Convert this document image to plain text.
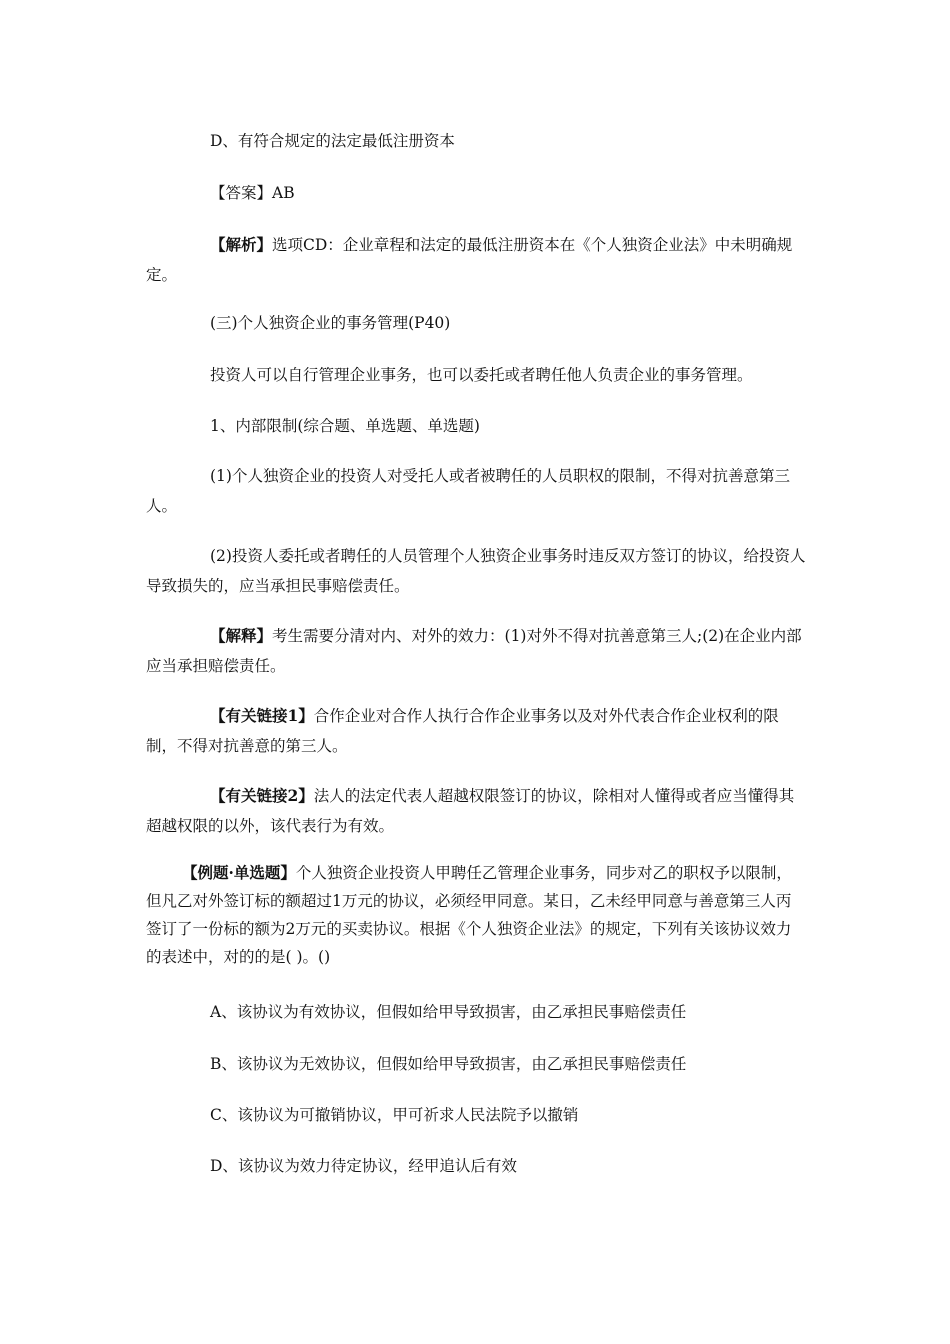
D、有符合规定的法定最低注册资本
【答案】AB
【解析】选项CD：企业章程和法定的最低注册资本在《个人独资企业法》中未明确规定。
(三)个人独资企业的事务管理(P40)
投资人可以自行管理企业事务，也可以委托或者聘任他人负责企业的事务管理。
1、内部限制(综合题、单选题、单选题)
(1)个人独资企业的投资人对受托人或者被聘任的人员职权的限制，不得对抗善意第三人。
(2)投资人委托或者聘任的人员管理个人独资企业事务时违反双方签订的协议，给投资人导致损失的，应当承担民事赔偿责任。
【解释】考生需要分清对内、对外的效力：(1)对外不得对抗善意第三人;(2)在企业内部应当承担赔偿责任。
【有关链接1】合作企业对合作人执行合作企业事务以及对外代表合作企业权利的限制，不得对抗善意的第三人。
【有关链接2】法人的法定代表人超越权限签订的协议，除相对人懂得或者应当懂得其超越权限的以外，该代表行为有效。
【例题·单选题】个人独资企业投资人甲聘任乙管理企业事务，同步对乙的职权予以限制，但凡乙对外签订标的额超过1万元的协议，必须经甲同意。某日，乙未经甲同意与善意第三人丙签订了一份标的额为2万元的买卖协议。根据《个人独资企业法》的规定，下列有关该协议效力的表述中，对的的是( )。()
A、该协议为有效协议，但假如给甲导致损害，由乙承担民事赔偿责任
B、该协议为无效协议，但假如给甲导致损害，由乙承担民事赔偿责任
C、该协议为可撤销协议，甲可祈求人民法院予以撤销
D、该协议为效力待定协议，经甲追认后有效
